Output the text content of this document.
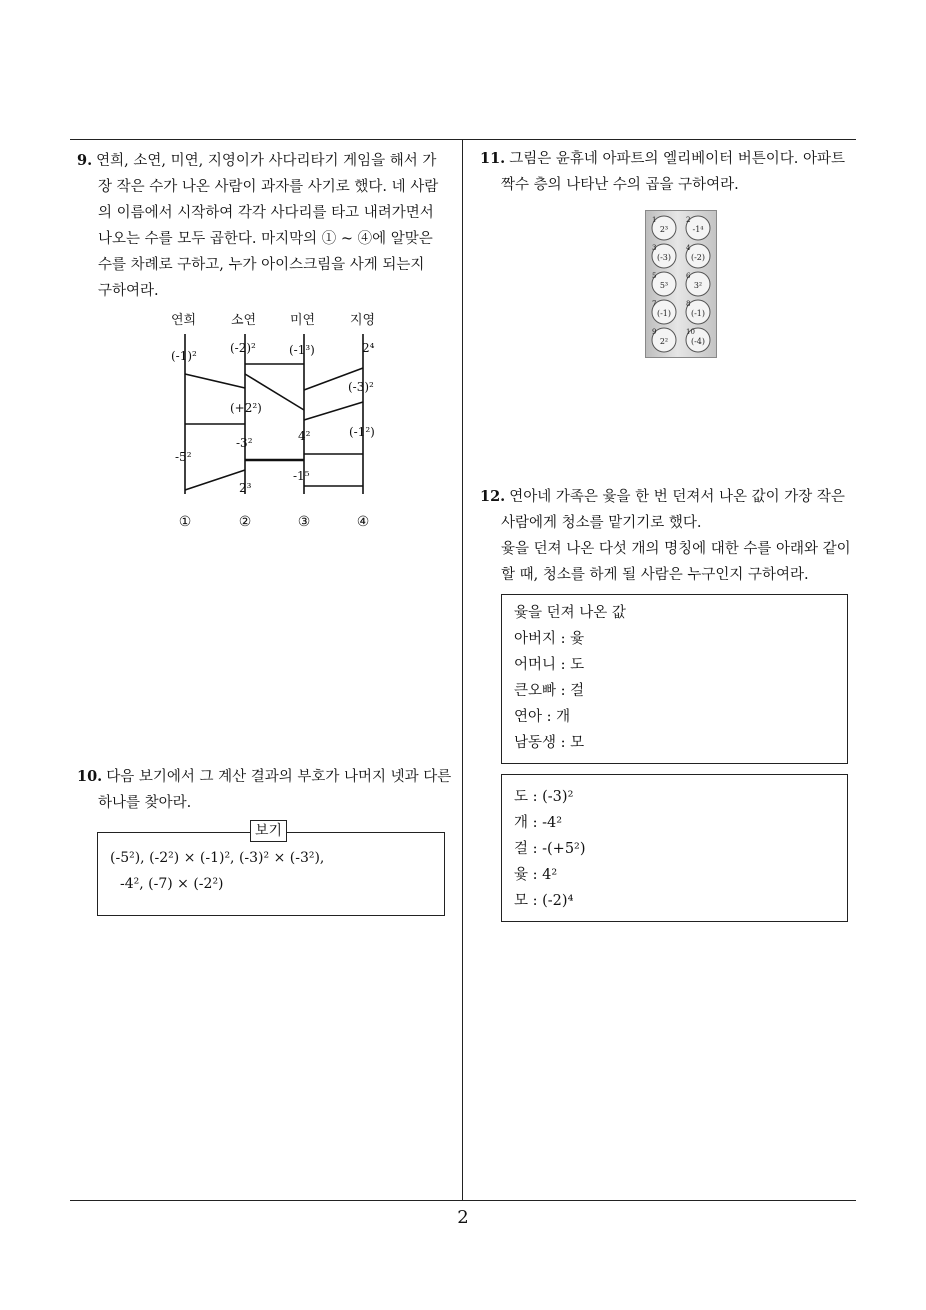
9. 연희, 소연, 미연, 지영이가 사다리타기 게임을 해서 가
장 작은 수가 나온 사람이 과자를 사기로 했다. 네 사람
의 이름에서 시작하여 각각 사다리를 타고 내려가면서
나오는 수를 모두 곱한다. 마지막의 ① ~ ④에 알맞은
수를 차례로 구하고, 누가 아이스크림을 사게 되는지
구하여라.
연희	소연	미연	지영
(-1)²
(-2)²	(-1³)	2⁴
(-3)²
(+2²)
-3²	4²	(-1²)
-5²
-1⁵
2³
①	②	③	④
10. 다음 보기에서 그 계산 결과의 부호가 나머지 넷과 다른
하나를 찾아라.
보기
(-5²), (-2²) × (-1)², (-3)² × (-3²),
-4², (-7) × (-2²)
11. 그림은 윤휴네 아파트의 엘리베이터 버튼이다. 아파트
짝수 층의 나타난 수의 곱을 구하여라.
1
2³
2
-1⁴
3
(-3)
4
(-2)
5
5³
6
3²
7
(-1)
8
(-1)
9
2²
10
(-4)
12. 연아네 가족은 윷을 한 번 던져서 나온 값이 가장 작은
사람에게 청소를 맡기기로 했다.
윷을 던져 나온 다섯 개의 명칭에 대한 수를 아래와 같이
할 때, 청소를 하게 될 사람은 누구인지 구하여라.
윷을 던져 나온 값
아버지 : 윷
어머니 : 도
큰오빠 : 걸
연아 : 개
남동생 : 모
도 : (-3)²
개 : -4²
걸 : -(+5²)
윷 : 4²
모 : (-2)⁴
2
